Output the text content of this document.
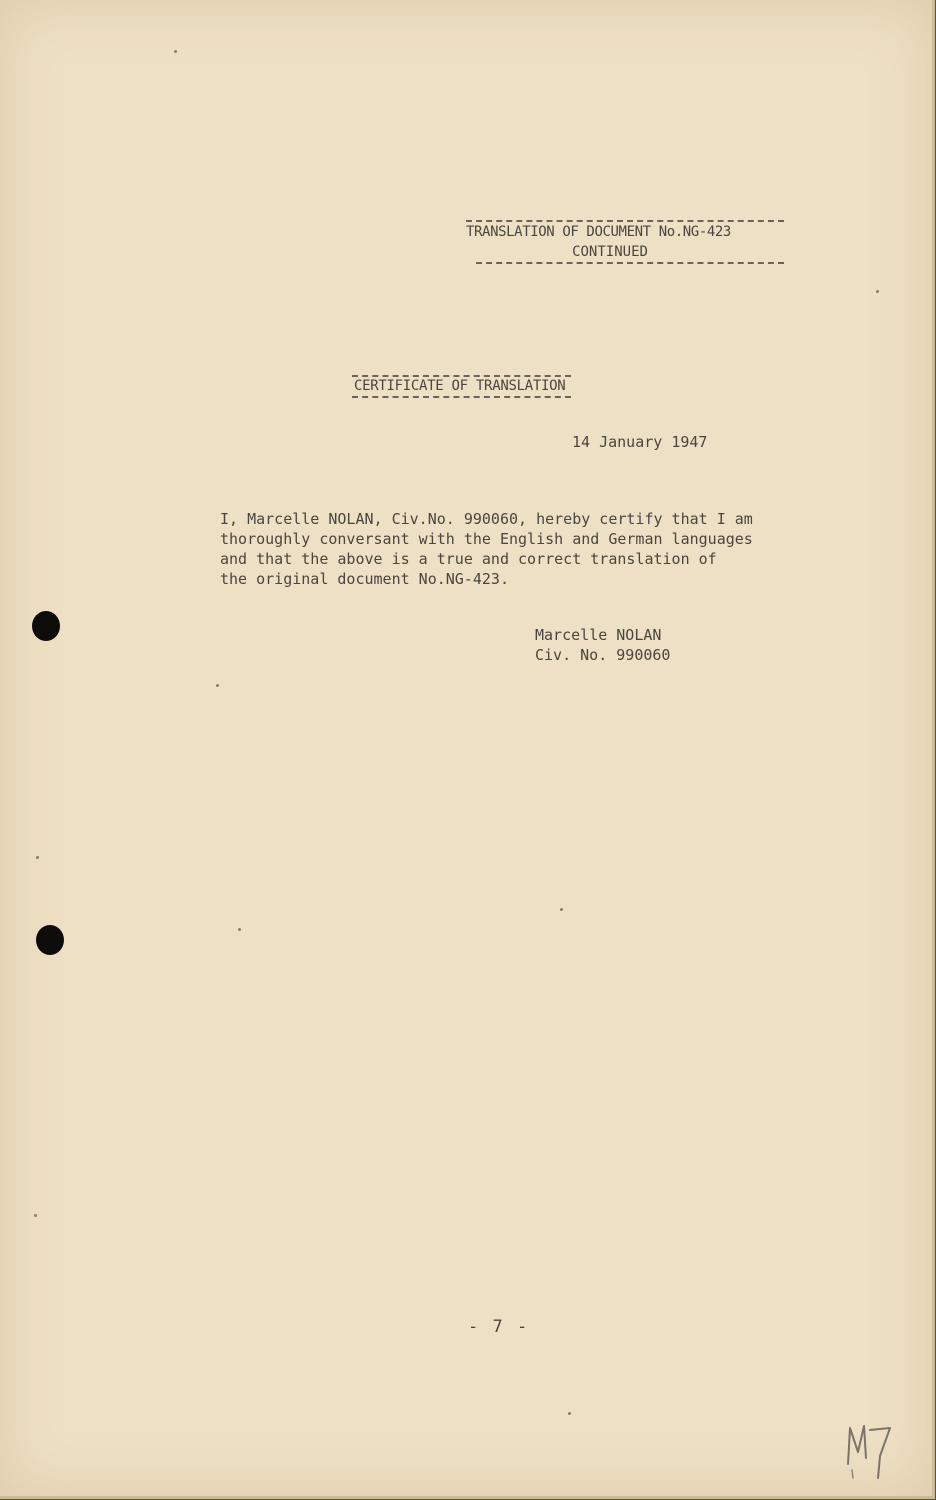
TRANSLATION OF DOCUMENT No.NG-423
CONTINUED
CERTIFICATE OF TRANSLATION
14 January 1947
I, Marcelle NOLAN, Civ.No. 990060, hereby certify that I am
thoroughly conversant with the English and German languages
and that the above is a true and correct translation of
the original document No.NG-423.
Marcelle NOLAN
Civ. No. 990060
- 7 -
